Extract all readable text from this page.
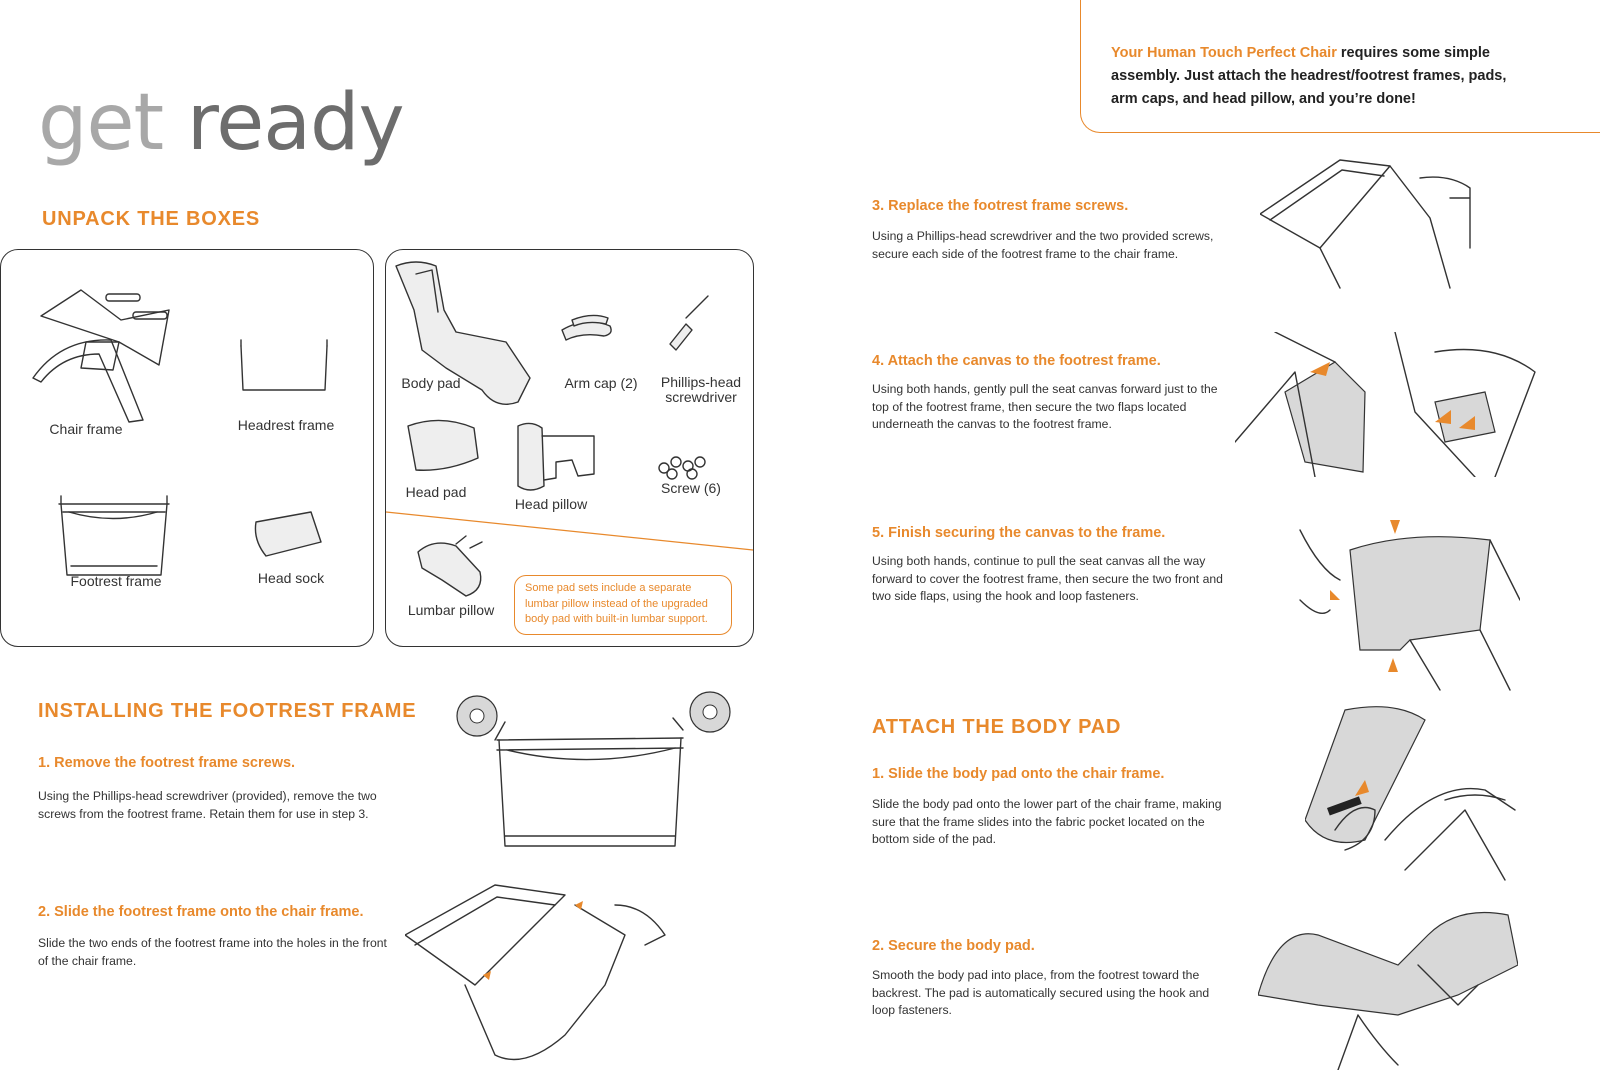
get ready
Your Human Touch Perfect Chair requires some simple assembly. Just attach the headrest/footrest frames, pads, arm caps, and head pillow, and you’re done!
UNPACK THE BOXES
Chair frame	Headrest frame
Footrest frame	Head sock
Body pad	Arm cap (2)	Phillips-head
screwdriver
Head pad
Head pillow
Screw (6)
Lumbar pillow
Some pad sets include a separate lumbar pillow instead of the upgraded body pad with built-in lumbar support.
INSTALLING THE FOOTREST FRAME
1. Remove the footrest frame screws.
Using the Phillips-head screwdriver (provided), remove the two screws from the footrest frame. Retain them for use in step 3.
2. Slide the footrest frame onto the chair frame.
Slide the two ends of the footrest frame into the holes in the front of the chair frame.
3. Replace the footrest frame screws.
Using a Phillips-head screwdriver and the two provided screws, secure each side of the footrest frame to the chair frame.
4. Attach the canvas to the footrest frame.
Using both hands, gently pull the seat canvas forward just to the top of the footrest frame, then secure the two flaps located underneath the canvas to the footrest frame.
5. Finish securing the canvas to the frame.
Using both hands, continue to pull the seat canvas all the way forward to cover the footrest frame, then secure the two front and two side flaps, using the hook and loop fasteners.
ATTACH THE BODY PAD
1. Slide the body pad onto the chair frame.
Slide the body pad onto the lower part of the chair frame, making sure that the frame slides into the fabric pocket located on the bottom side of the pad.
2. Secure the body pad.
Smooth the body pad into place, from the footrest toward the backrest. The pad is automatically secured using the hook and loop fasteners.
